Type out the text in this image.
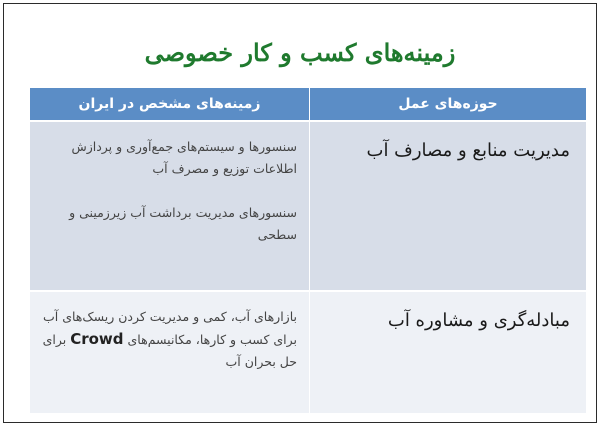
زمینه‌های کسب و کار خصوصی
زمینه‌های مشخص در ایران	حوزه‌های عمل
سنسورها و سیستم‌های جمع‌آوری و پردازش اطلاعات توزیع و مصرف آب
سنسورهای مدیریت برداشت آب زیرزمینی و سطحی
مدیریت منابع و مصارف آب
بازارهای آب، کمی و مدیریت کردن ریسک‌های آب برای کسب و کارها، مکانیسم‌های Crowd برای حل بحران آب
مبادله‌گری و مشاوره آب
